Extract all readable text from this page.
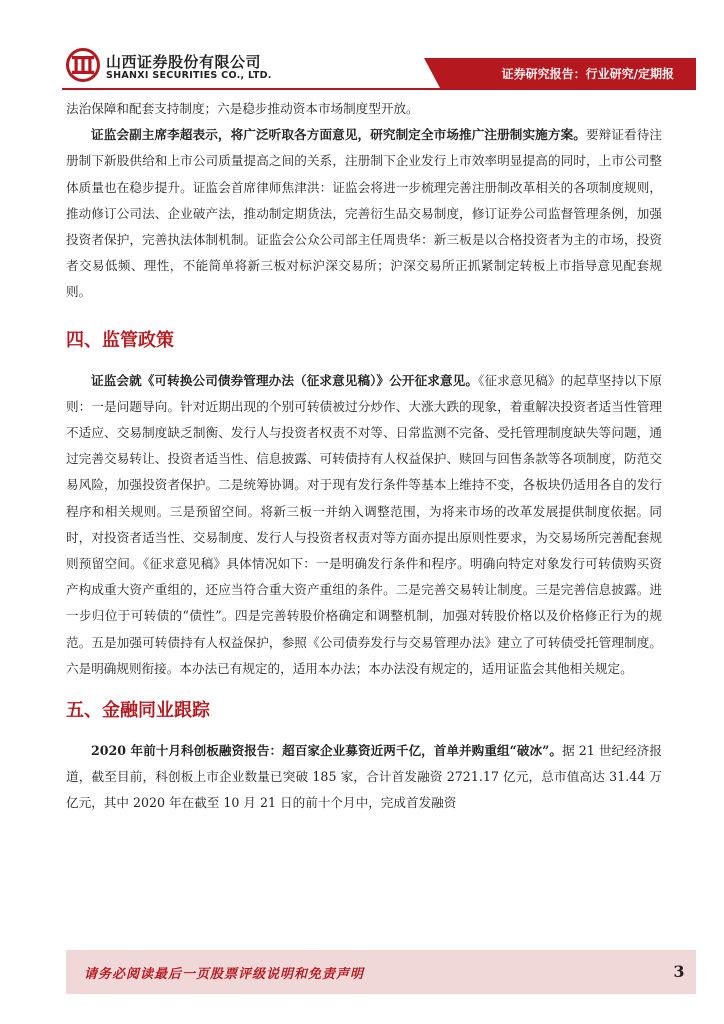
山西证券股份有限公司
SHANXI SECURITIES CO., LTD.	证券研究报告：行业研究/定期报

法治保障和配套支持制度；六是稳步推动资本市场制度型开放。

证监会副主席李超表示，将广泛听取各方面意见，研究制定全市场推广注册制实施方案。要辩证看待注册制下新股供给和上市公司质量提高之间的关系，注册制下企业发行上市效率明显提高的同时，上市公司整体质量也在稳步提升。证监会首席律师焦津洪：证监会将进一步梳理完善注册制改革相关的各项制度规则，推动修订公司法、企业破产法，推动制定期货法，完善衍生品交易制度，修订证券公司监督管理条例，加强投资者保护，完善执法体制机制。证监会公众公司部主任周贵华：新三板是以合格投资者为主的市场，投资者交易低频、理性，不能简单将新三板对标沪深交易所；沪深交易所正抓紧制定转板上市指导意见配套规则。

四、监管政策

证监会就《可转换公司债券管理办法（征求意见稿）》公开征求意见。《征求意见稿》的起草坚持以下原则：一是问题导向。针对近期出现的个别可转债被过分炒作、大涨大跌的现象，着重解决投资者适当性管理不适应、交易制度缺乏制衡、发行人与投资者权责不对等、日常监测不完备、受托管理制度缺失等问题，通过完善交易转让、投资者适当性、信息披露、可转债持有人权益保护、赎回与回售条款等各项制度，防范交易风险，加强投资者保护。二是统筹协调。对于现有发行条件等基本上维持不变，各板块仍适用各自的发行程序和相关规则。三是预留空间。将新三板一并纳入调整范围，为将来市场的改革发展提供制度依据。同时，对投资者适当性、交易制度、发行人与投资者权责对等方面亦提出原则性要求，为交易场所完善配套规则预留空间。《征求意见稿》具体情况如下：一是明确发行条件和程序。明确向特定对象发行可转债购买资产构成重大资产重组的，还应当符合重大资产重组的条件。二是完善交易转让制度。三是完善信息披露。进一步归位于可转债的“债性”。四是完善转股价格确定和调整机制，加强对转股价格以及价格修正行为的规范。五是加强可转债持有人权益保护，参照《公司债券发行与交易管理办法》建立了可转债受托管理制度。六是明确规则衔接。本办法已有规定的，适用本办法；本办法没有规定的，适用证监会其他相关规定。

五、金融同业跟踪

2020 年前十月科创板融资报告：超百家企业募资近两千亿，首单并购重组“破冰”。据 21 世纪经济报道，截至目前，科创板上市企业数量已突破 185 家，合计首发融资 2721.17 亿元，总市值高达 31.44 万亿元，其中 2020 年在截至 10 月 21 日的前十个月中，完成首发融资

请务必阅读最后一页股票评级说明和免责声明	3
